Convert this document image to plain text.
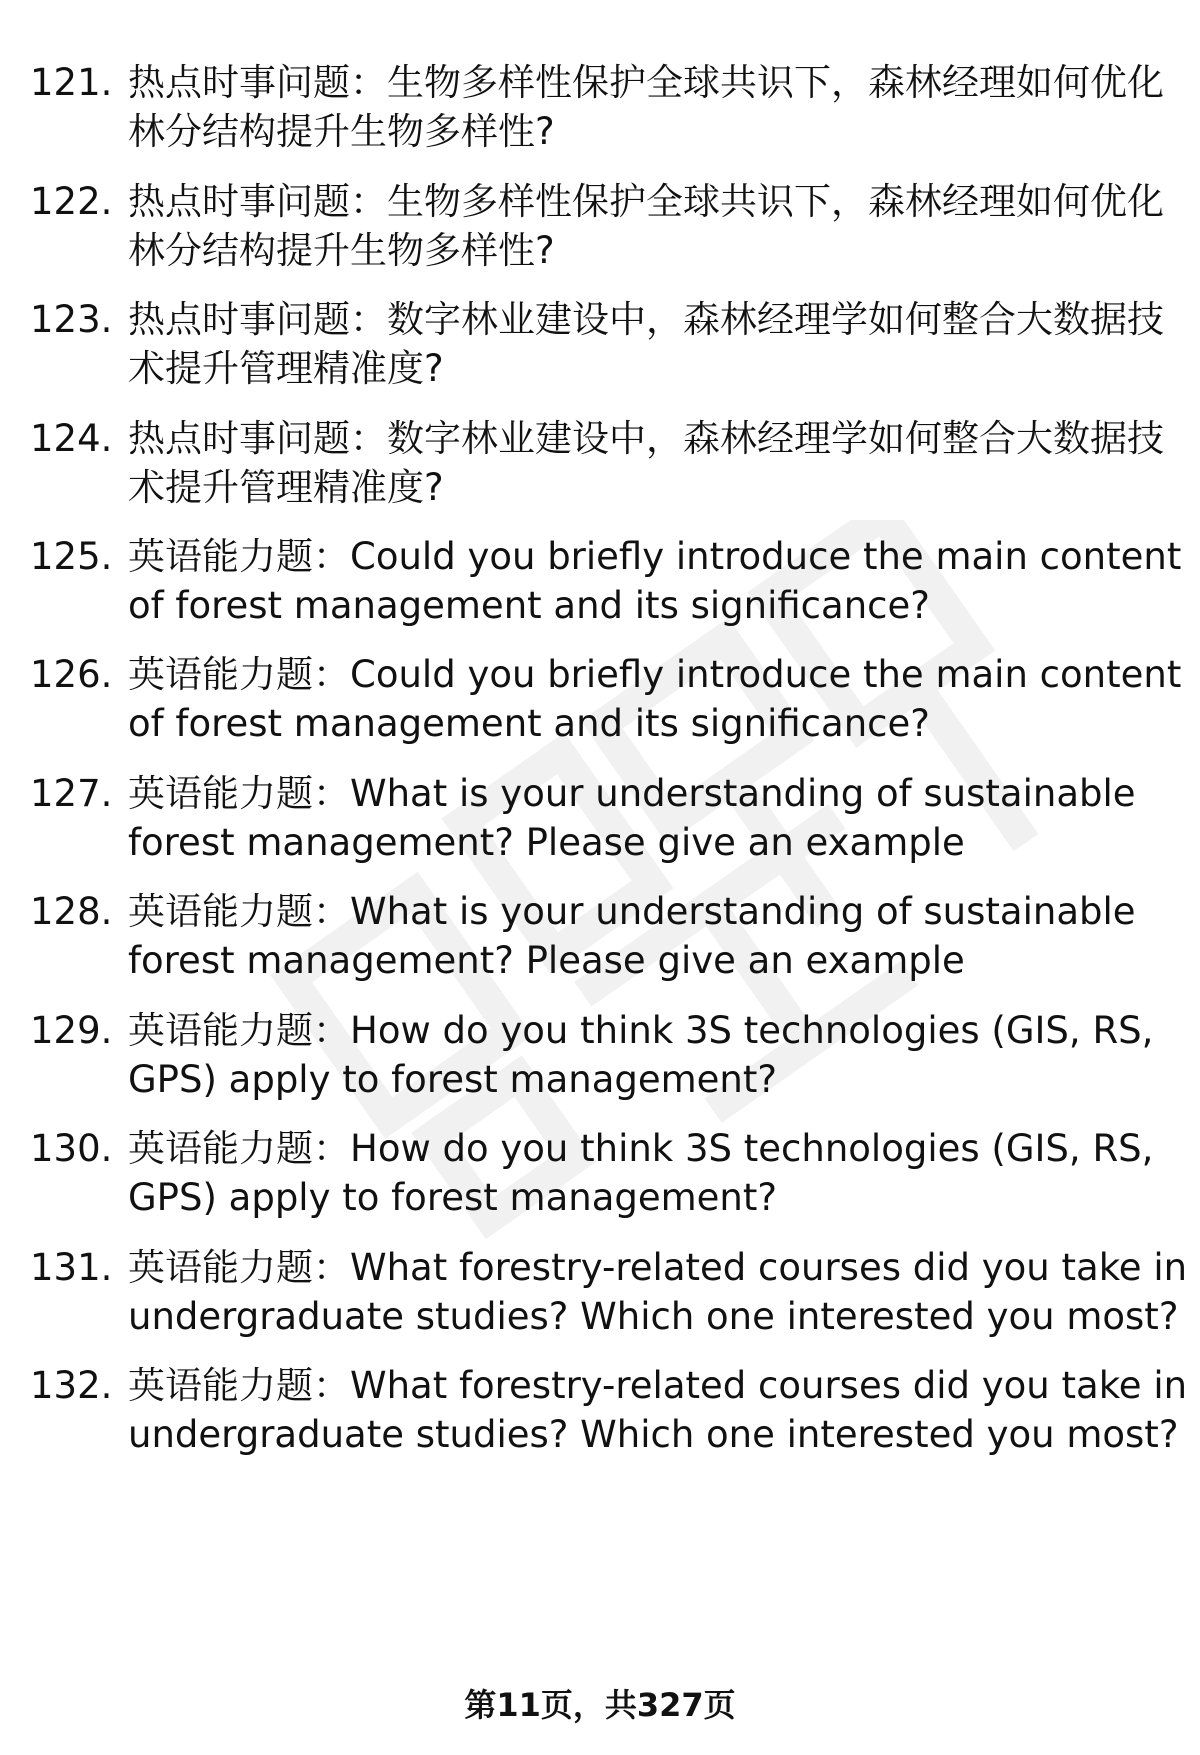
121. 热点时事问题：生物多样性保护全球共识下，森林经理如何优化
林分结构提升生物多样性?
122. 热点时事问题：生物多样性保护全球共识下，森林经理如何优化
林分结构提升生物多样性?
123. 热点时事问题：数字林业建设中，森林经理学如何整合大数据技
术提升管理精准度?
124. 热点时事问题：数字林业建设中，森林经理学如何整合大数据技
术提升管理精准度?
125. 英语能力题：Could you briefly introduce the main content
of forest management and its significance?
126. 英语能力题：Could you briefly introduce the main content
of forest management and its significance?
127. 英语能力题：What is your understanding of sustainable
forest management? Please give an example
128. 英语能力题：What is your understanding of sustainable
forest management? Please give an example
129. 英语能力题：How do you think 3S technologies (GIS, RS,
GPS) apply to forest management?
130. 英语能力题：How do you think 3S technologies (GIS, RS,
GPS) apply to forest management?
131. 英语能力题：What forestry-related courses did you take in
undergraduate studies? Which one interested you most?
132. 英语能力题：What forestry-related courses did you take in
undergraduate studies? Which one interested you most?
第11页，共327页
